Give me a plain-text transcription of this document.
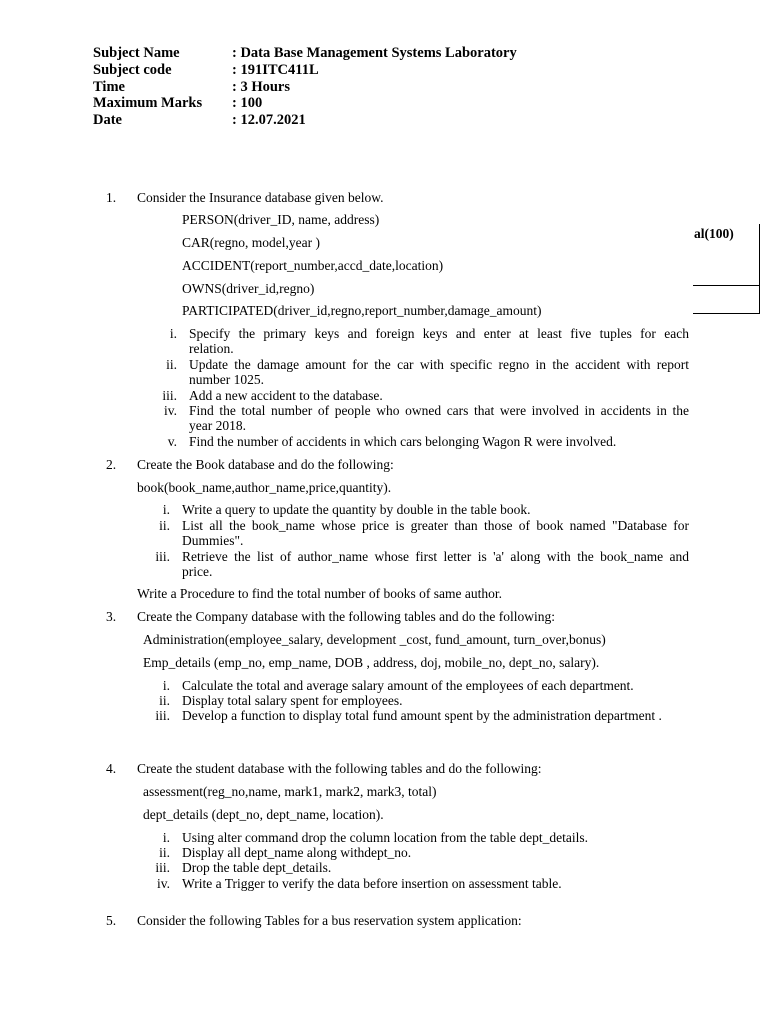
Subject Name	: Data Base Management Systems Laboratory
Subject code	: 191ITC411L
Time	: 3 Hours
Maximum Marks : 100
Date	: 12.07.2021
al(100)
1.	Consider the Insurance database given below.
PERSON(driver_ID, name, address)
CAR(regno, model,year )
ACCIDENT(report_number,accd_date,location)
OWNS(driver_id,regno)
PARTICIPATED(driver_id,regno,report_number,damage_amount)
i. Specify the primary keys and foreign keys and enter at least five tuples for each
relation.
ii. Update the damage amount for the car with specific regno in the accident with report
number 1025.
iii. Add a new accident to the database.
iv. Find the total number of people who owned cars that were involved in accidents in the
year 2018.
v. Find the number of accidents in which cars belonging Wagon R were involved.
2.	Create the Book database and do the following:
book(book_name,author_name,price,quantity).
i. Write a query to update the quantity by double in the table book.
ii. List all the book_name whose price is greater than those of book named "Database for
Dummies".
iii. Retrieve the list of author_name whose first letter is 'a' along with the book_name and
price.
Write a Procedure to find the total number of books of same author.
3.	Create the Company database with the following tables and do the following:
Administration(employee_salary, development _cost, fund_amount, turn_over,bonus)
Emp_details (emp_no, emp_name, DOB , address, doj, mobile_no, dept_no, salary).
i. Calculate the total and average salary amount of the employees of each department.
ii. Display total salary spent for employees.
iii. Develop a function to display total fund amount spent by the administration department .
4.	Create the student database with the following tables and do the following:
assessment(reg_no,name, mark1, mark2, mark3, total)
dept_details (dept_no, dept_name, location).
i. Using alter command drop the column location from the table dept_details.
ii. Display all dept_name along withdept_no.
iii. Drop the table dept_details.
iv. Write a Trigger to verify the data before insertion on assessment table.
5.	Consider the following Tables for a bus reservation system application:
